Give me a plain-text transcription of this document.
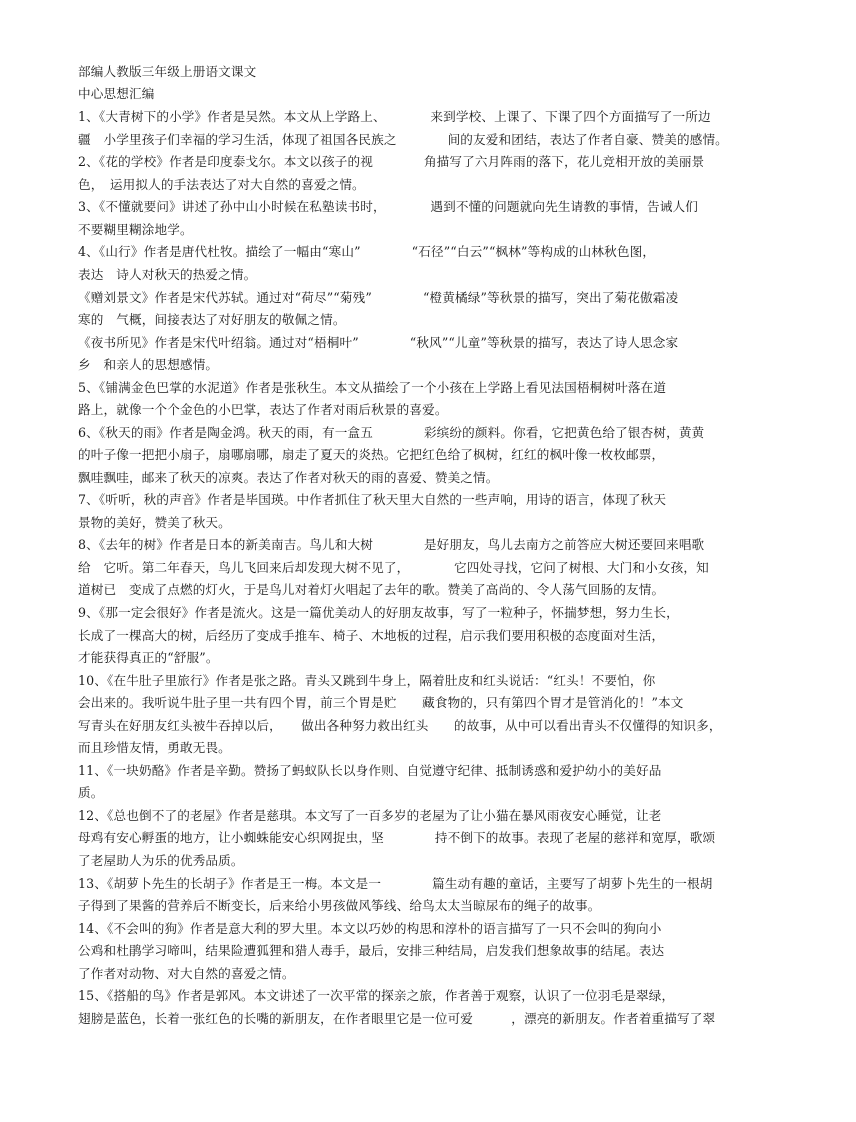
部编人教版三年级上册语文课文
中心思想汇编
1、《大青树下的小学》作者是吴然。本文从上学路上、　　　　来到学校、上课了、下课了四个方面描写了一所边
疆　小学里孩子们幸福的学习生活，体现了祖国各民族之　　　　间的友爱和团结，表达了作者自豪、赞美的感情。
2、《花的学校》作者是印度泰戈尔。本文以孩子的视　　　　角描写了六月阵雨的落下，花儿竞相开放的美丽景
色，　运用拟人的手法表达了对大自然的喜爱之情。
3、《不懂就要问》讲述了孙中山小时候在私塾读书时，　　　　遇到不懂的问题就向先生请教的事情，告诫人们
不要糊里糊涂地学。
4、《山行》作者是唐代杜牧。描绘了一幅由“寒山”　　　　“石径”“白云”“枫林”等构成的山林秋色图，
表达　诗人对秋天的热爱之情。
《赠刘景文》作者是宋代苏轼。通过对“荷尽”“菊残”　　　　“橙黄橘绿”等秋景的描写，突出了菊花傲霜凌
寒的　气概，间接表达了对好朋友的敬佩之情。
《夜书所见》作者是宋代叶绍翁。通过对“梧桐叶”　　　　“秋风”“儿童”等秋景的描写，表达了诗人思念家
乡　和亲人的思想感情。
5、《铺满金色巴掌的水泥道》作者是张秋生。本文从描绘了一个小孩在上学路上看见法国梧桐树叶落在道
路上，就像一个个金色的小巴掌，表达了作者对雨后秋景的喜爱。
6、《秋天的雨》作者是陶金鸿。秋天的雨，有一盒五　　　　彩缤纷的颜料。你看，它把黄色给了银杏树，黄黄
的叶子像一把把小扇子，扇哪扇哪，扇走了夏天的炎热。它把红色给了枫树，红红的枫叶像一枚枚邮票，
飘哇飘哇，邮来了秋天的凉爽。表达了作者对秋天的雨的喜爱、赞美之情。
7、《听听，秋的声音》作者是毕国瑛。中作者抓住了秋天里大自然的一些声响，用诗的语言，体现了秋天
景物的美好，赞美了秋天。
8、《去年的树》作者是日本的新美南吉。鸟儿和大树　　　　是好朋友，鸟儿去南方之前答应大树还要回来唱歌
给　它听。第二年春天，鸟儿飞回来后却发现大树不见了，　　　　它四处寻找，它问了树根、大门和小女孩，知
道树已　变成了点燃的灯火，于是鸟儿对着灯火唱起了去年的歌。赞美了高尚的、令人荡气回肠的友情。
9、《那一定会很好》作者是流火。这是一篇优美动人的好朋友故事，写了一粒种子，怀揣梦想，努力生长，
长成了一棵高大的树，后经历了变成手推车、椅子、木地板的过程，启示我们要用积极的态度面对生活，
才能获得真正的“舒服”。
10、《在牛肚子里旅行》作者是张之路。青头又跳到牛身上，隔着肚皮和红头说话：“红头！不要怕，你
会出来的。我听说牛肚子里一共有四个胃，前三个胃是贮　　藏食物的，只有第四个胃才是管消化的！”本文
写青头在好朋友红头被牛吞掉以后，　　做出各种努力救出红头　　的故事，从中可以看出青头不仅懂得的知识多，
而且珍惜友情，勇敢无畏。
11、《一块奶酪》作者是辛勤。赞扬了蚂蚁队长以身作则、自觉遵守纪律、抵制诱惑和爱护幼小的美好品
质。
12、《总也倒不了的老屋》作者是慈琪。本文写了一百多岁的老屋为了让小猫在暴风雨夜安心睡觉，让老
母鸡有安心孵蛋的地方，让小蜘蛛能安心织网捉虫，坚　　　　持不倒下的故事。表现了老屋的慈祥和宽厚，歌颂
了老屋助人为乐的优秀品质。
13、《胡萝卜先生的长胡子》作者是王一梅。本文是一　　　　篇生动有趣的童话，主要写了胡萝卜先生的一根胡
子得到了果酱的营养后不断变长，后来给小男孩做风筝线、给鸟太太当晾尿布的绳子的故事。
14、《不会叫的狗》作者是意大利的罗大里。本文以巧妙的构思和淳朴的语言描写了一只不会叫的狗向小
公鸡和杜鹃学习啼叫，结果险遭狐狸和猎人毒手，最后，安排三种结局，启发我们想象故事的结尾。表达
了作者对动物、对大自然的喜爱之情。
15、《搭船的鸟》作者是郭风。本文讲述了一次平常的探亲之旅，作者善于观察，认识了一位羽毛是翠绿，
翅膀是蓝色，长着一张红色的长嘴的新朋友，在作者眼里它是一位可爱　　　，漂亮的新朋友。作者着重描写了翠
